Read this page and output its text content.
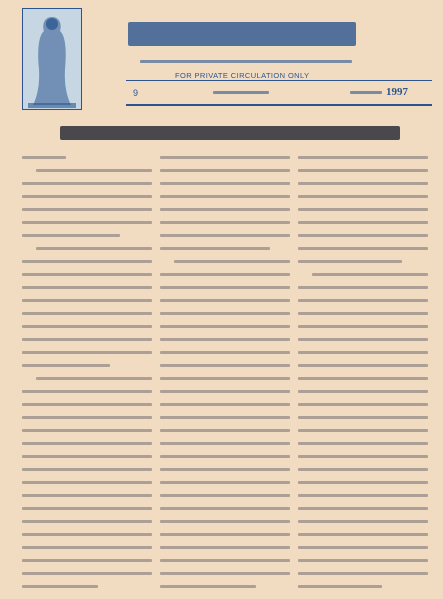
FOR PRIVATE CIRCULATION ONLY
9	1997
